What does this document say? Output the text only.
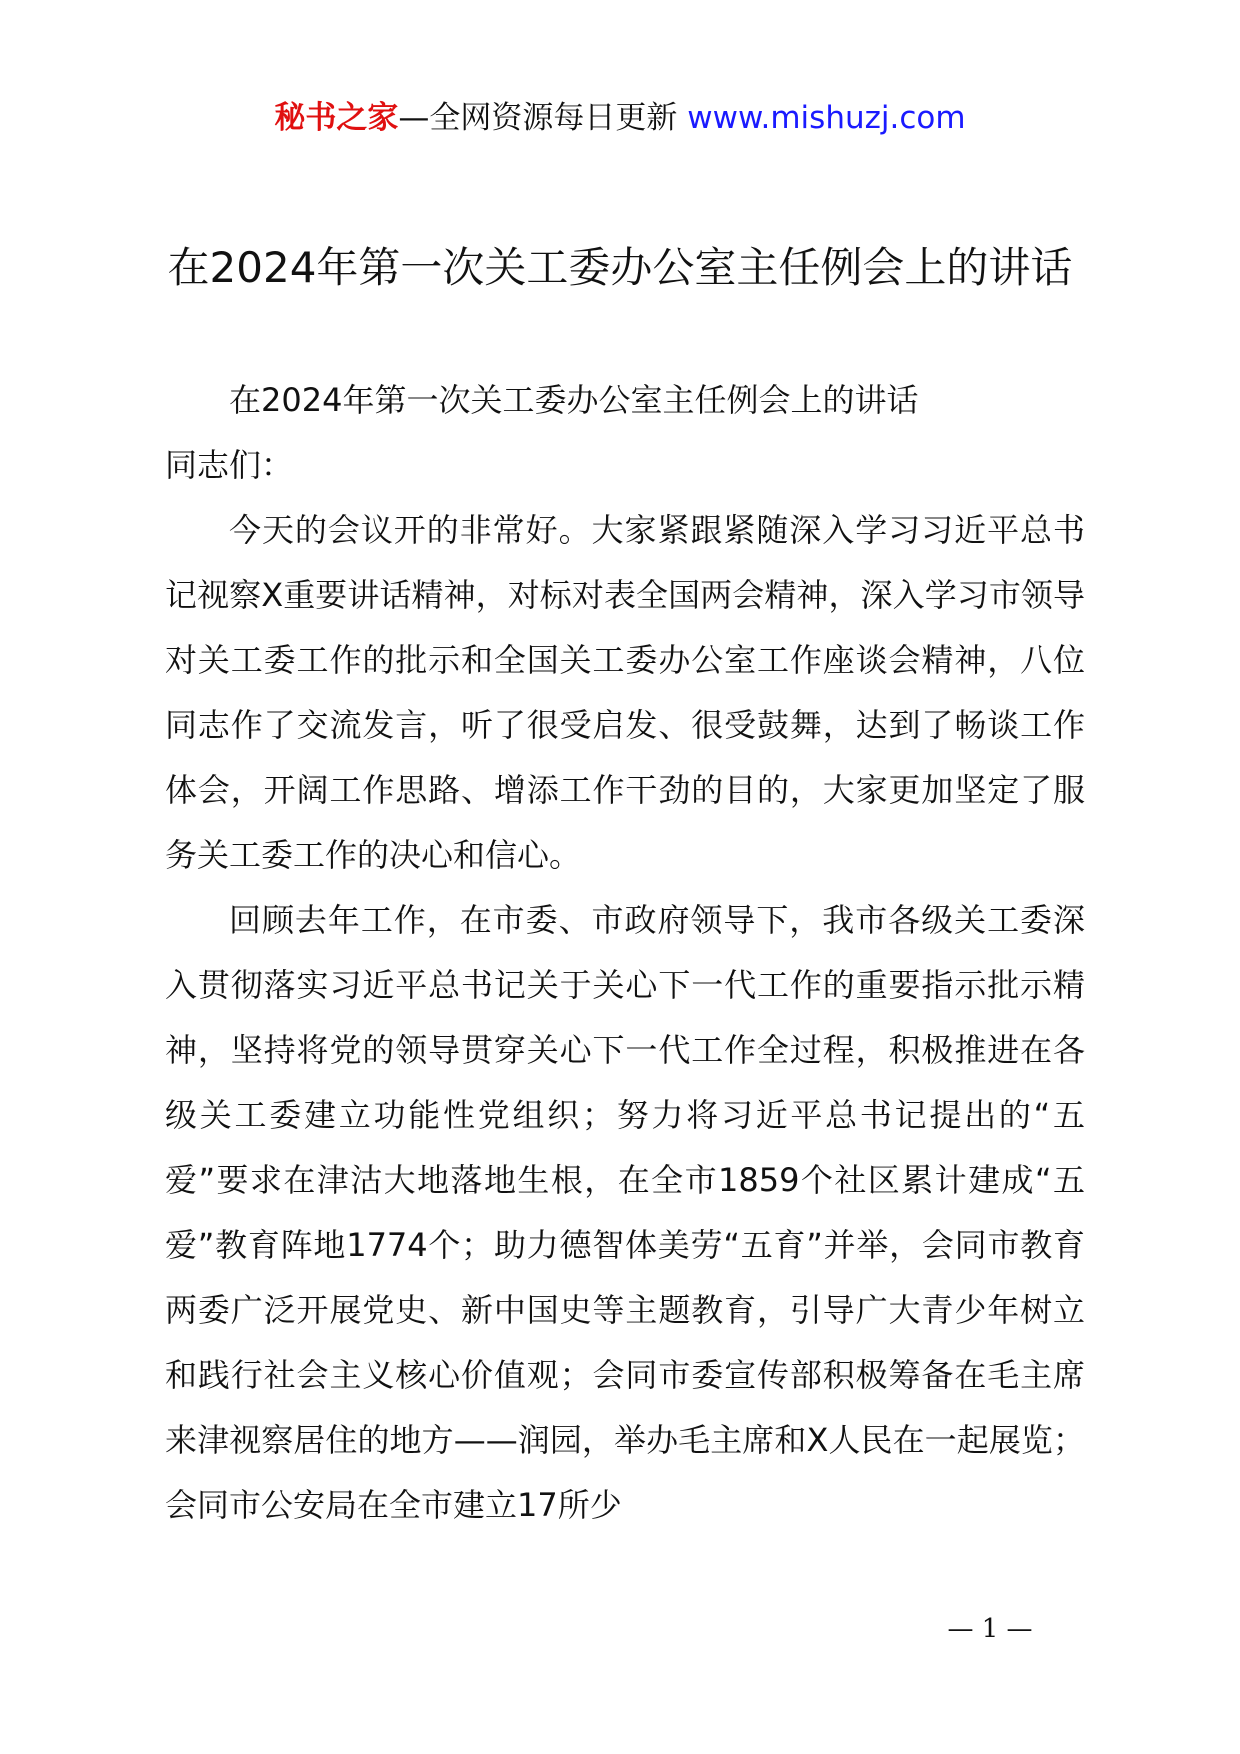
秘书之家—全网资源每日更新 www.mishuzj.com
在2024年第一次关工委办公室主任例会上的讲话

在2024年第一次关工委办公室主任例会上的讲话

同志们：

今天的会议开的非常好。大家紧跟紧随深入学习习近平总书记视察X重要讲话精神，对标对表全国两会精神，深入学习市领导对关工委工作的批示和全国关工委办公室工作座谈会精神，八位同志作了交流发言，听了很受启发、很受鼓舞，达到了畅谈工作体会，开阔工作思路、增添工作干劲的目的，大家更加坚定了服务关工委工作的决心和信心。

回顾去年工作，在市委、市政府领导下，我市各级关工委深入贯彻落实习近平总书记关于关心下一代工作的重要指示批示精神，坚持将党的领导贯穿关心下一代工作全过程，积极推进在各级关工委建立功能性党组织；努力将习近平总书记提出的“五爱”要求在津沽大地落地生根，在全市1859个社区累计建成“五爱”教育阵地1774个；助力德智体美劳“五育”并举，会同市教育两委广泛开展党史、新中国史等主题教育，引导广大青少年树立和践行社会主义核心价值观；会同市委宣传部积极筹备在毛主席来津视察居住的地方——润园，举办毛主席和X人民在一起展览；会同市公安局在全市建立17所少

— 1 —
